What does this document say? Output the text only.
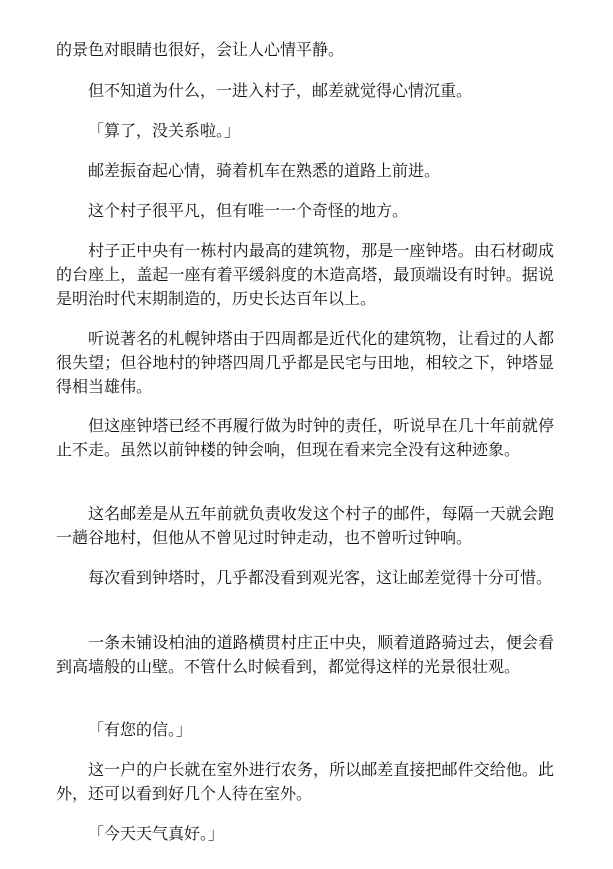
的景色对眼睛也很好，会让人心情平静。

但不知道为什么，一进入村子，邮差就觉得心情沉重。

「算了，没关系啦。」

邮差振奋起心情，骑着机车在熟悉的道路上前进。

这个村子很平凡，但有唯一一个奇怪的地方。

村子正中央有一栋村内最高的建筑物，那是一座钟塔。由石材砌成的台座上，盖起一座有着平缓斜度的木造高塔，最顶端设有时钟。据说是明治时代末期制造的，历史长达百年以上。

听说著名的札幌钟塔由于四周都是近代化的建筑物，让看过的人都很失望；但谷地村的钟塔四周几乎都是民宅与田地，相较之下，钟塔显得相当雄伟。

但这座钟塔已经不再履行做为时钟的责任，听说早在几十年前就停止不走。虽然以前钟楼的钟会响，但现在看来完全没有这种迹象。

这名邮差是从五年前就负责收发这个村子的邮件，每隔一天就会跑一趟谷地村，但他从不曾见过时钟走动，也不曾听过钟响。

每次看到钟塔时，几乎都没看到观光客，这让邮差觉得十分可惜。

一条未铺设柏油的道路横贯村庄正中央，顺着道路骑过去，便会看到高墙般的山壁。不管什么时候看到，都觉得这样的光景很壮观。

「有您的信。」

这一户的户长就在室外进行农务，所以邮差直接把邮件交给他。此外，还可以看到好几个人待在室外。

「今天天气真好。」
